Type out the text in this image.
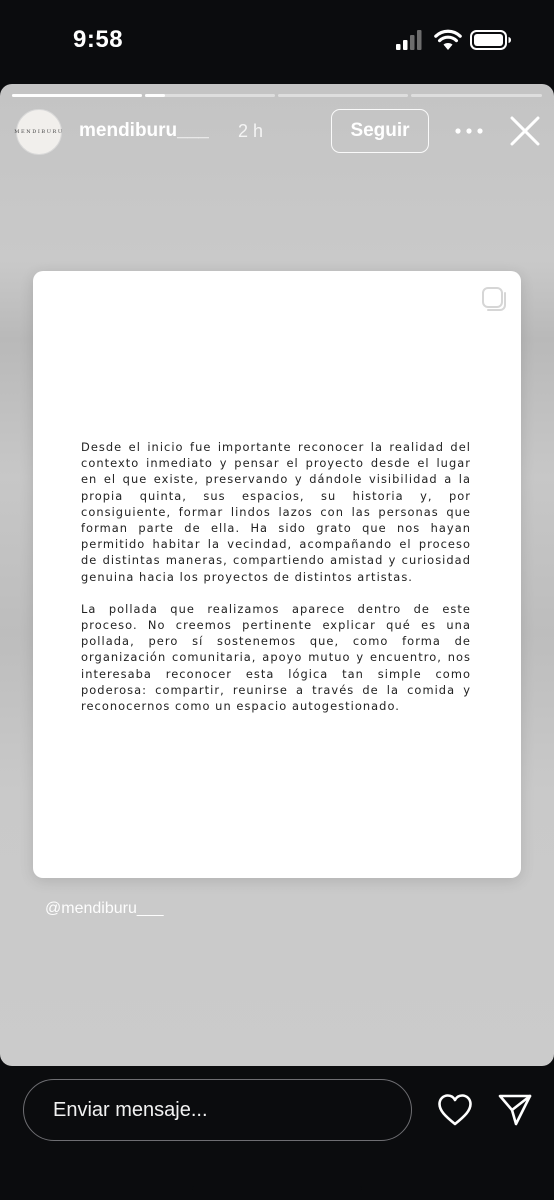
9:58
MENDIBURU mendiburu___ 2 h	Seguir

Desde el inicio fue importante reconocer la realidad del contexto inmediato y pensar el proyecto desde el lugar en el que existe, preservando y dándole visibilidad a la propia quinta, sus espacios, su historia y, por consiguiente, formar lindos lazos con las personas que forman parte de ella. Ha sido grato que nos hayan permitido habitar la vecindad, acompañando el proceso de distintas maneras, compartiendo amistad y curiosidad genuina hacia los proyectos de distintos artistas.

La pollada que realizamos aparece dentro de este proceso. No creemos pertinente explicar qué es una pollada, pero sí sostenemos que, como forma de organización comunitaria, apoyo mutuo y encuentro, nos interesaba reconocer esta lógica tan simple como poderosa: compartir, reunirse a través de la comida y reconocernos como un espacio autogestionado.

@mendiburu___
Enviar mensaje...
